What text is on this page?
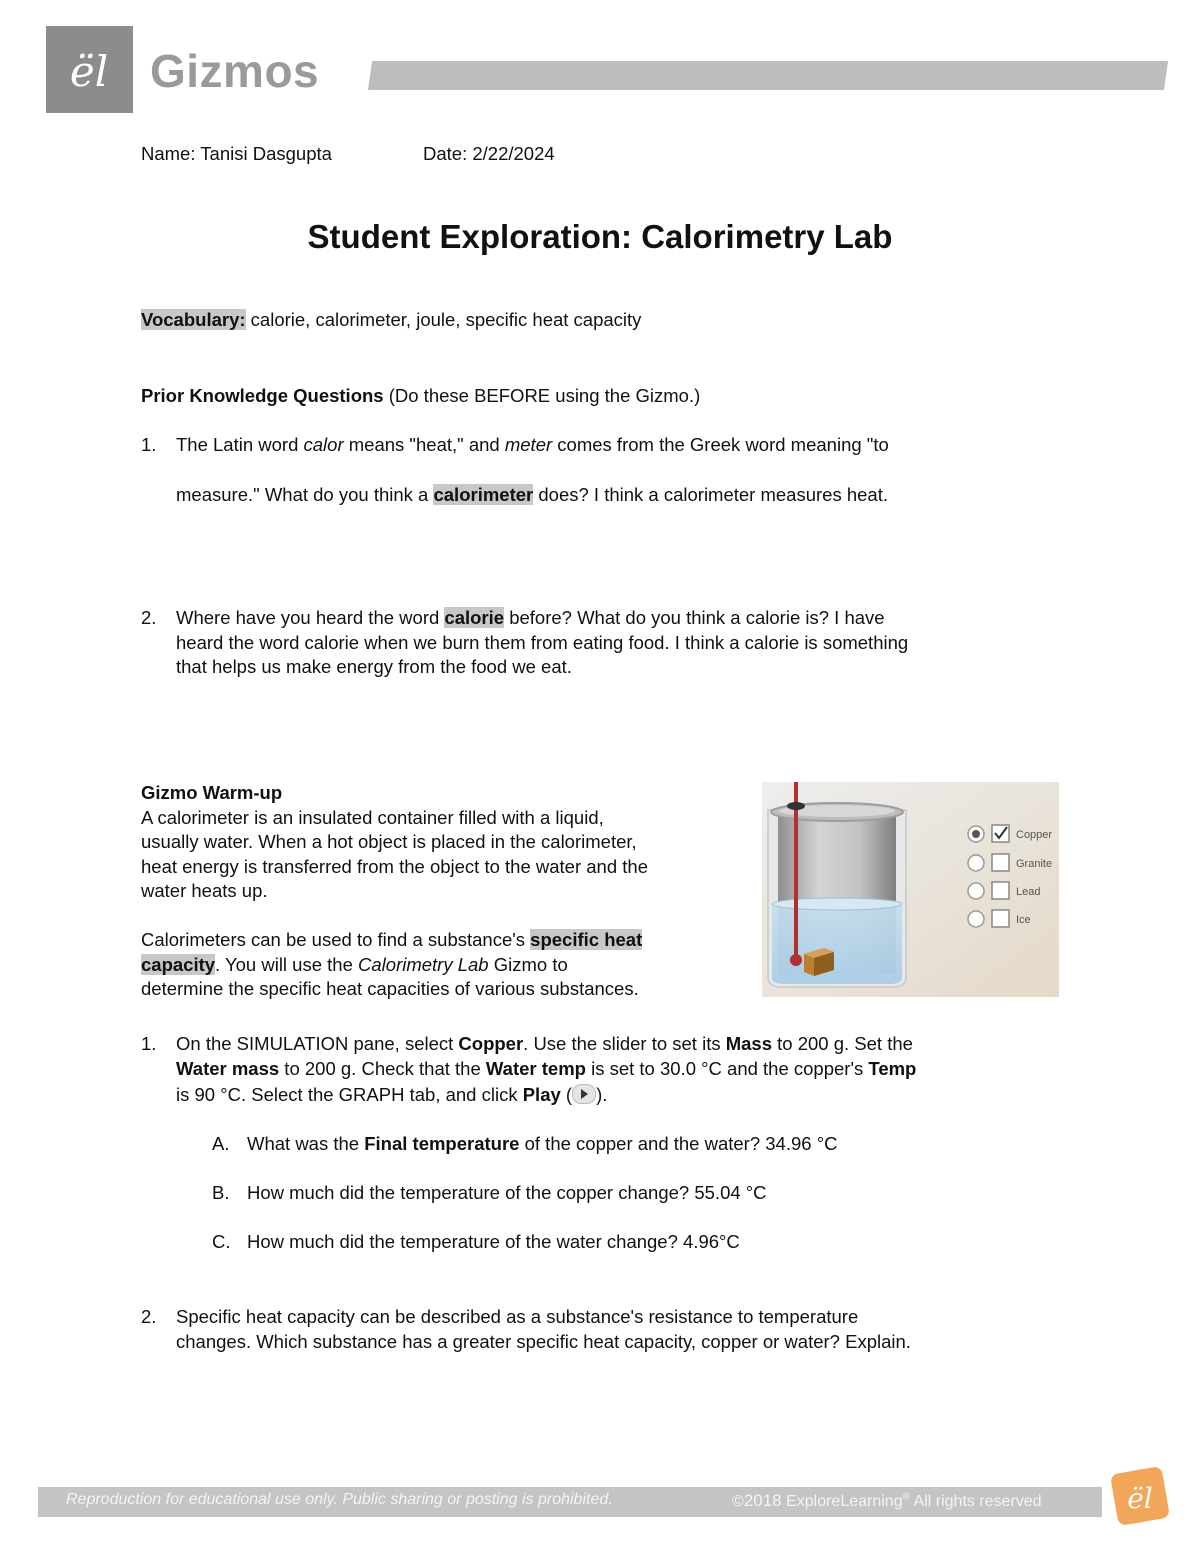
ël Gizmos
Name: Tanisi Dasgupta	Date: 2/22/2024
Student Exploration: Calorimetry Lab
Vocabulary: calorie, calorimeter, joule, specific heat capacity
Prior Knowledge Questions (Do these BEFORE using the Gizmo.)
1. The Latin word calor means "heat," and meter comes from the Greek word meaning "to
measure." What do you think a calorimeter does? I think a calorimeter measures heat.
2. Where have you heard the word calorie before? What do you think a calorie is? I have
heard the word calorie when we burn them from eating food. I think a calorie is something
that helps us make energy from the food we eat.
Gizmo Warm-up
A calorimeter is an insulated container filled with a liquid,
usually water. When a hot object is placed in the calorimeter,
heat energy is transferred from the object to the water and the
water heats up.
Calorimeters can be used to find a substance's specific heat
capacity. You will use the Calorimetry Lab Gizmo to
determine the specific heat capacities of various substances.
Copper
Granite
Lead
Ice
1. On the SIMULATION pane, select Copper. Use the slider to set its Mass to 200 g. Set the
Water mass to 200 g. Check that the Water temp is set to 30.0 °C and the copper's Temp
is 90 °C. Select the GRAPH tab, and click Play ( ).
A. What was the Final temperature of the copper and the water? 34.96 °C
B. How much did the temperature of the copper change? 55.04 °C
C. How much did the temperature of the water change? 4.96°C
2. Specific heat capacity can be described as a substance's resistance to temperature
changes. Which substance has a greater specific heat capacity, copper or water? Explain.
Reproduction for educational use only. Public sharing or posting is prohibited.	©2018 ExploreLearning® All rights reserved	ël
